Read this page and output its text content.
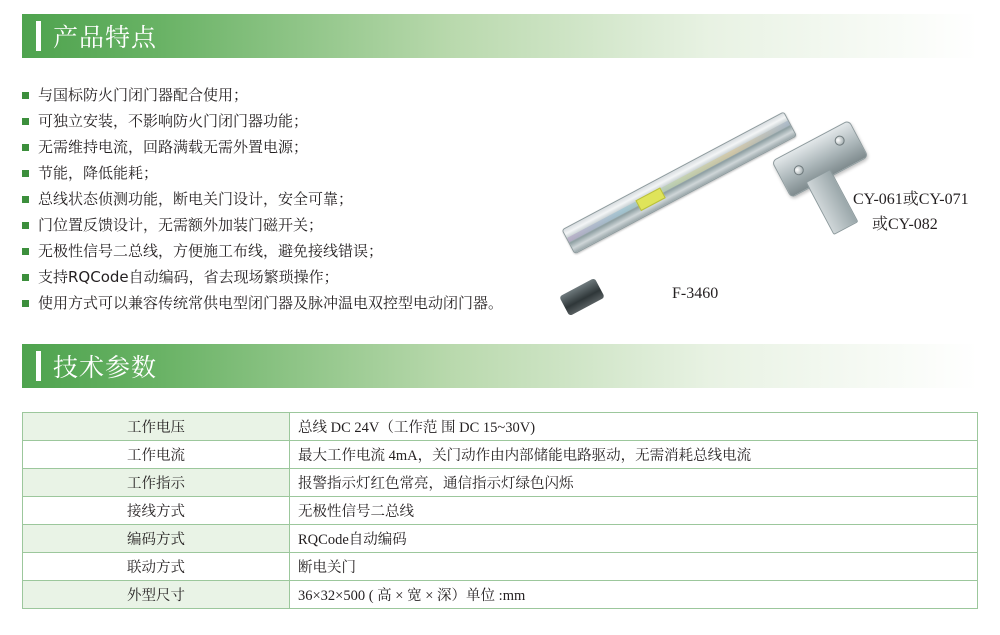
产品特点
与国标防火门闭门器配合使用；
可独立安装，不影响防火门闭门器功能；
无需维持电流，回路满载无需外置电源；
节能，降低能耗；
总线状态侦测功能，断电关门设计，安全可靠；
门位置反馈设计，无需额外加装门磁开关；
无极性信号二总线，方便施工布线，避免接线错误；
支持RQCode自动编码，省去现场繁琐操作；
使用方式可以兼容传统常供电型闭门器及脉冲温电双控型电动闭门器。
CY-061或CY-071
或CY-082
F-3460
技术参数
工作电压	总线 DC 24V（工作范 围 DC 15~30V)
工作电流	最大工作电流 4mA，关门动作由内部储能电路驱动，无需消耗总线电流
工作指示	报警指示灯红色常亮，通信指示灯绿色闪烁
接线方式	无极性信号二总线
编码方式	RQCode自动编码
联动方式	断电关门
外型尺寸	36×32×500 ( 高 × 宽 × 深）单位 :mm
